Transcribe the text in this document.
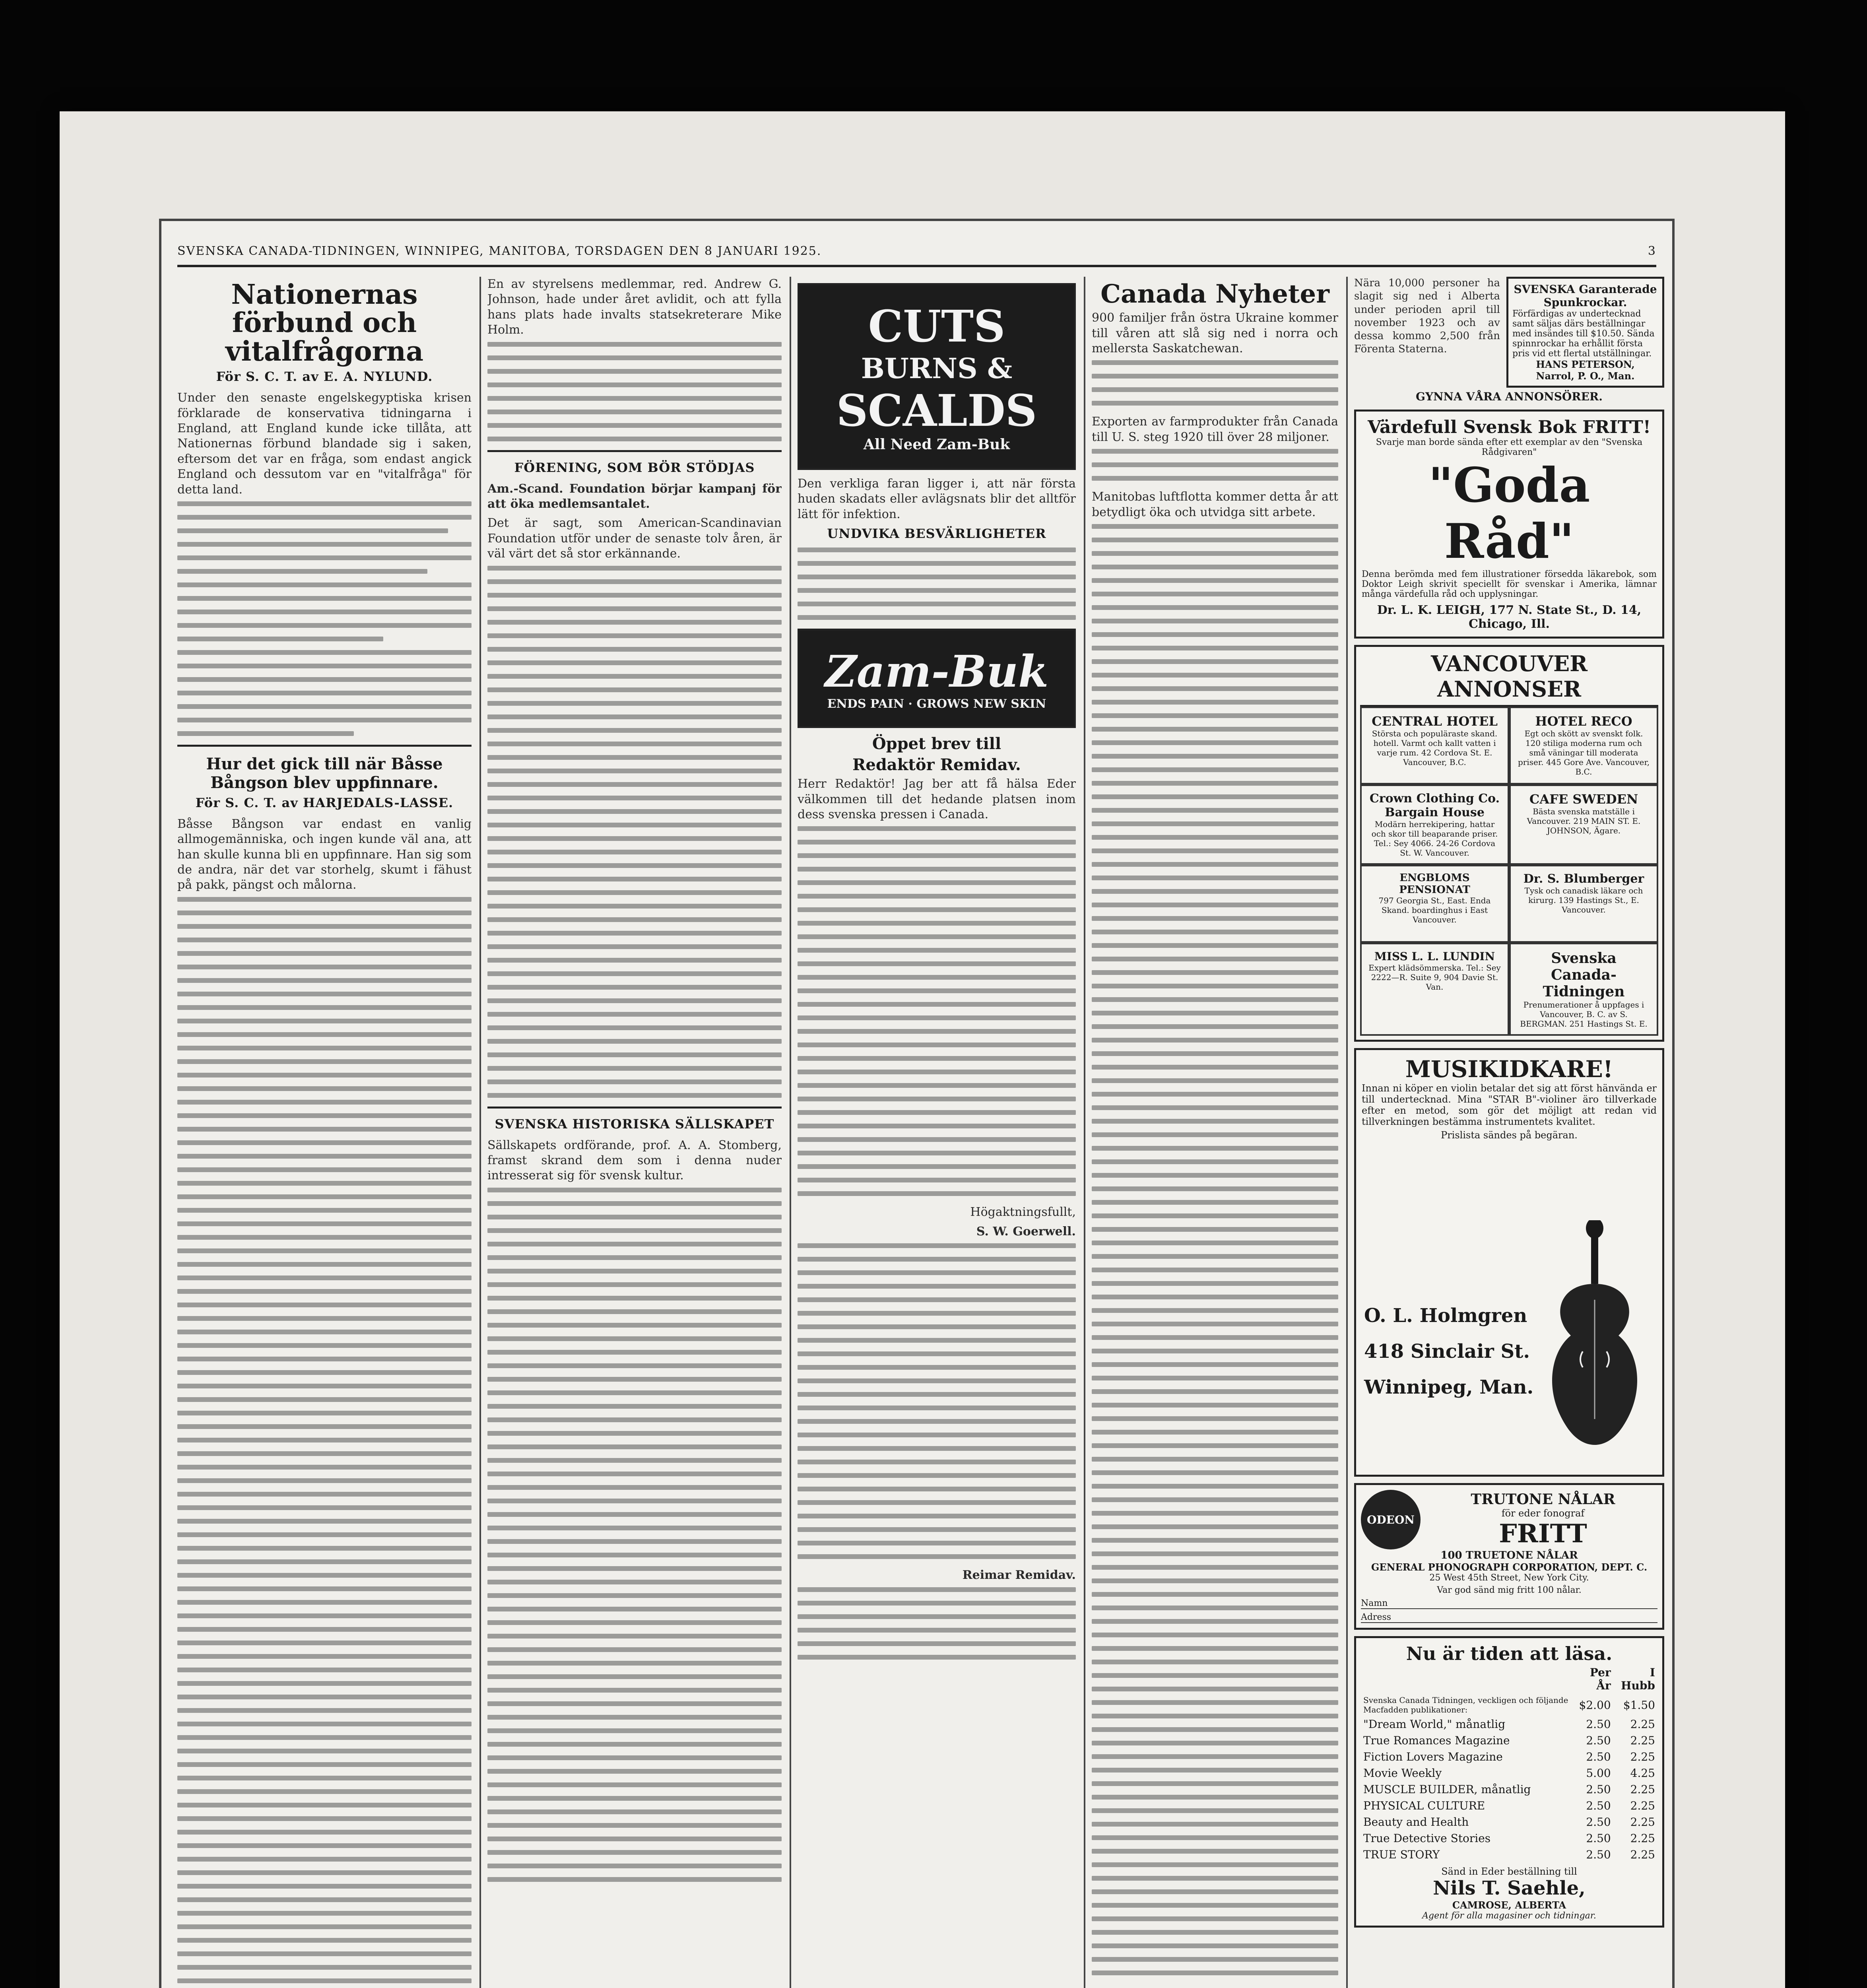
SVENSKA CANADA-TIDNINGEN, WINNIPEG, MANITOBA, TORSDAGEN DEN 8 JANUARI 1925.	3
Nationernas förbund och vitalfrågorna
För S. C. T. av E. A. NYLUND.

Under den senaste engelskegyptiska krisen förklarade de konservativa tidningarna i England, att England kunde icke tillåta, att Nationernas förbund blandade sig i saken, eftersom det var en fråga, som endast angick England och dessutom var en "vitalfråga" för detta land.

Hur det gick till när Båsse Bångson blev uppfinnare.
För S. C. T. av HARJEDALS-LASSE.

Båsse Bångson var endast en vanlig allmogemänniska, och ingen kunde väl ana, att han skulle kunna bli en uppfinnare. Han sig som de andra, när det var storhelg, skumt i fähust på pakk, pängst och målorna.

En av styrelsens medlemmar, red. Andrew G. Johnson, hade under året avlidit, och att fylla hans plats hade invalts statsekreterare Mike Holm.

FÖRENING, SOM BÖR STÖDJAS

Am.-Scand. Foundation börjar kampanj för att öka medlemsantalet.

Det är sagt, som American-Scandinavian Foundation utför under de senaste tolv åren, är väl värt det så stor erkännande.

SVENSKA HISTORISKA SÄLLSKAPET

Sällskapets ordförande, prof. A. A. Stomberg, framst skrand dem som i denna nuder intresserat sig för svensk kultur.

CUTS
BURNS &
SCALDS
All Need Zam-Buk

Den verkliga faran ligger i, att när första huden skadats eller avlägsnats blir det alltför lätt för infektion.

UNDVIKA BESVÄRLIGHETER
Zam-Buk
ENDS PAIN · GROWS NEW SKIN
Öppet brev till
Redaktör Remidav.

Herr Redaktör! Jag ber att få hälsa Eder välkommen till det hedande platsen inom dess svenska pressen i Canada.

Högaktningsfullt,

S. W. Goerwell.

Reimar Remidav.

Canada Nyheter

900 familjer från östra Ukraine kommer till våren att slå sig ned i norra och mellersta Saskatchewan.

Exporten av farmprodukter från Canada till U. S. steg 1920 till över 28 miljoner.

Manitobas luftflotta kommer detta år att betydligt öka och utvidga sitt arbete.

Nära 10,000 personer ha slagit sig ned i Alberta under perioden april till november 1923 och av dessa kommo 2,500 från Förenta Staterna.

SVENSKA Garanterade Spunkrockar.
Förfärdigas av undertecknad samt säljas därs beställningar med insändes till $10.50. Sända spinnrockar ha erhållit första pris vid ett flertal utställningar.
HANS PETERSON,
Narrol, P. O., Man.
GYNNA VÅRA ANNONSÖRER.
Värdefull Svensk Bok FRITT!
Svarje man borde sända efter ett exemplar av den "Svenska Rådgivaren"
"Goda Råd"
Denna berömda med fem illustrationer försedda läkarebok, som Doktor Leigh skrivit speciellt för svenskar i Amerika, lämnar många värdefulla råd och upplysningar.
Dr. L. K. LEIGH, 177 N. State St., D. 14, Chicago, Ill.
VANCOUVER ANNONSER
CENTRAL HOTEL
Största och populäraste skand. hotell. Varmt och kallt vatten i varje rum. 42 Cordova St. E. Vancouver, B.C.
HOTEL RECO
Egt och skött av svenskt folk. 120 stiliga moderna rum och små väningar till moderata priser. 445 Gore Ave. Vancouver, B.C.
Crown Clothing Co. Bargain House
Modärn herrekipering, hattar och skor till beaparande priser. Tel.: Sey 4066. 24-26 Cordova St. W. Vancouver.
CAFE SWEDEN
Bästa svenska matställe i Vancouver. 219 MAIN ST. E. JOHNSON, Ägare.
ENGBLOMS PENSIONAT
797 Georgia St., East. Enda Skand. boardinghus i East Vancouver.
Dr. S. Blumberger
Tysk och canadisk läkare och kirurg. 139 Hastings St., E. Vancouver.
MISS L. L. LUNDIN
Expert klädsömmerska. Tel.: Sey 2222—R. Suite 9, 904 Davie St. Van.
Svenska Canada-Tidningen
Prenumerationer å uppfages i Vancouver, B. C. av S. BERGMAN. 251 Hastings St. E.
MUSIKIDKARE!
Innan ni köper en violin betalar det sig att först hänvända er till undertecknad. Mina "STAR B"-violiner äro tillverkade efter en metod, som gör det möjligt att redan vid tillverkningen bestämma instrumentets kvalitet.
Prislista sändes på begäran.
O. L. Holmgren
418 Sinclair St.
Winnipeg, Man.
ODEON
TRUTONE NÅLAR
för eder fonograf
FRITT
100 TRUETONE NÅLAR
GENERAL PHONOGRAPH CORPORATION, DEPT. C.
25 West 45th Street, New York City.
Var god sänd mig fritt 100 nålar.
Namn
Adress
Nu är tiden att läsa.
	Per År	I Hubb
Svenska Canada Tidningen, veckligen och följande Macfadden publikationer:	$2.00	$1.50
"Dream World," månatlig	2.50	2.25
True Romances Magazine	2.50	2.25
Fiction Lovers Magazine	2.50	2.25
Movie Weekly	5.00	4.25
MUSCLE BUILDER, månatlig	2.50	2.25
PHYSICAL CULTURE	2.50	2.25
Beauty and Health	2.50	2.25
True Detective Stories	2.50	2.25
TRUE STORY	2.50	2.25
Sänd in Eder beställning till
Nils T. Saehle,
CAMROSE, ALBERTA
Agent för alla magasiner och tidningar.
